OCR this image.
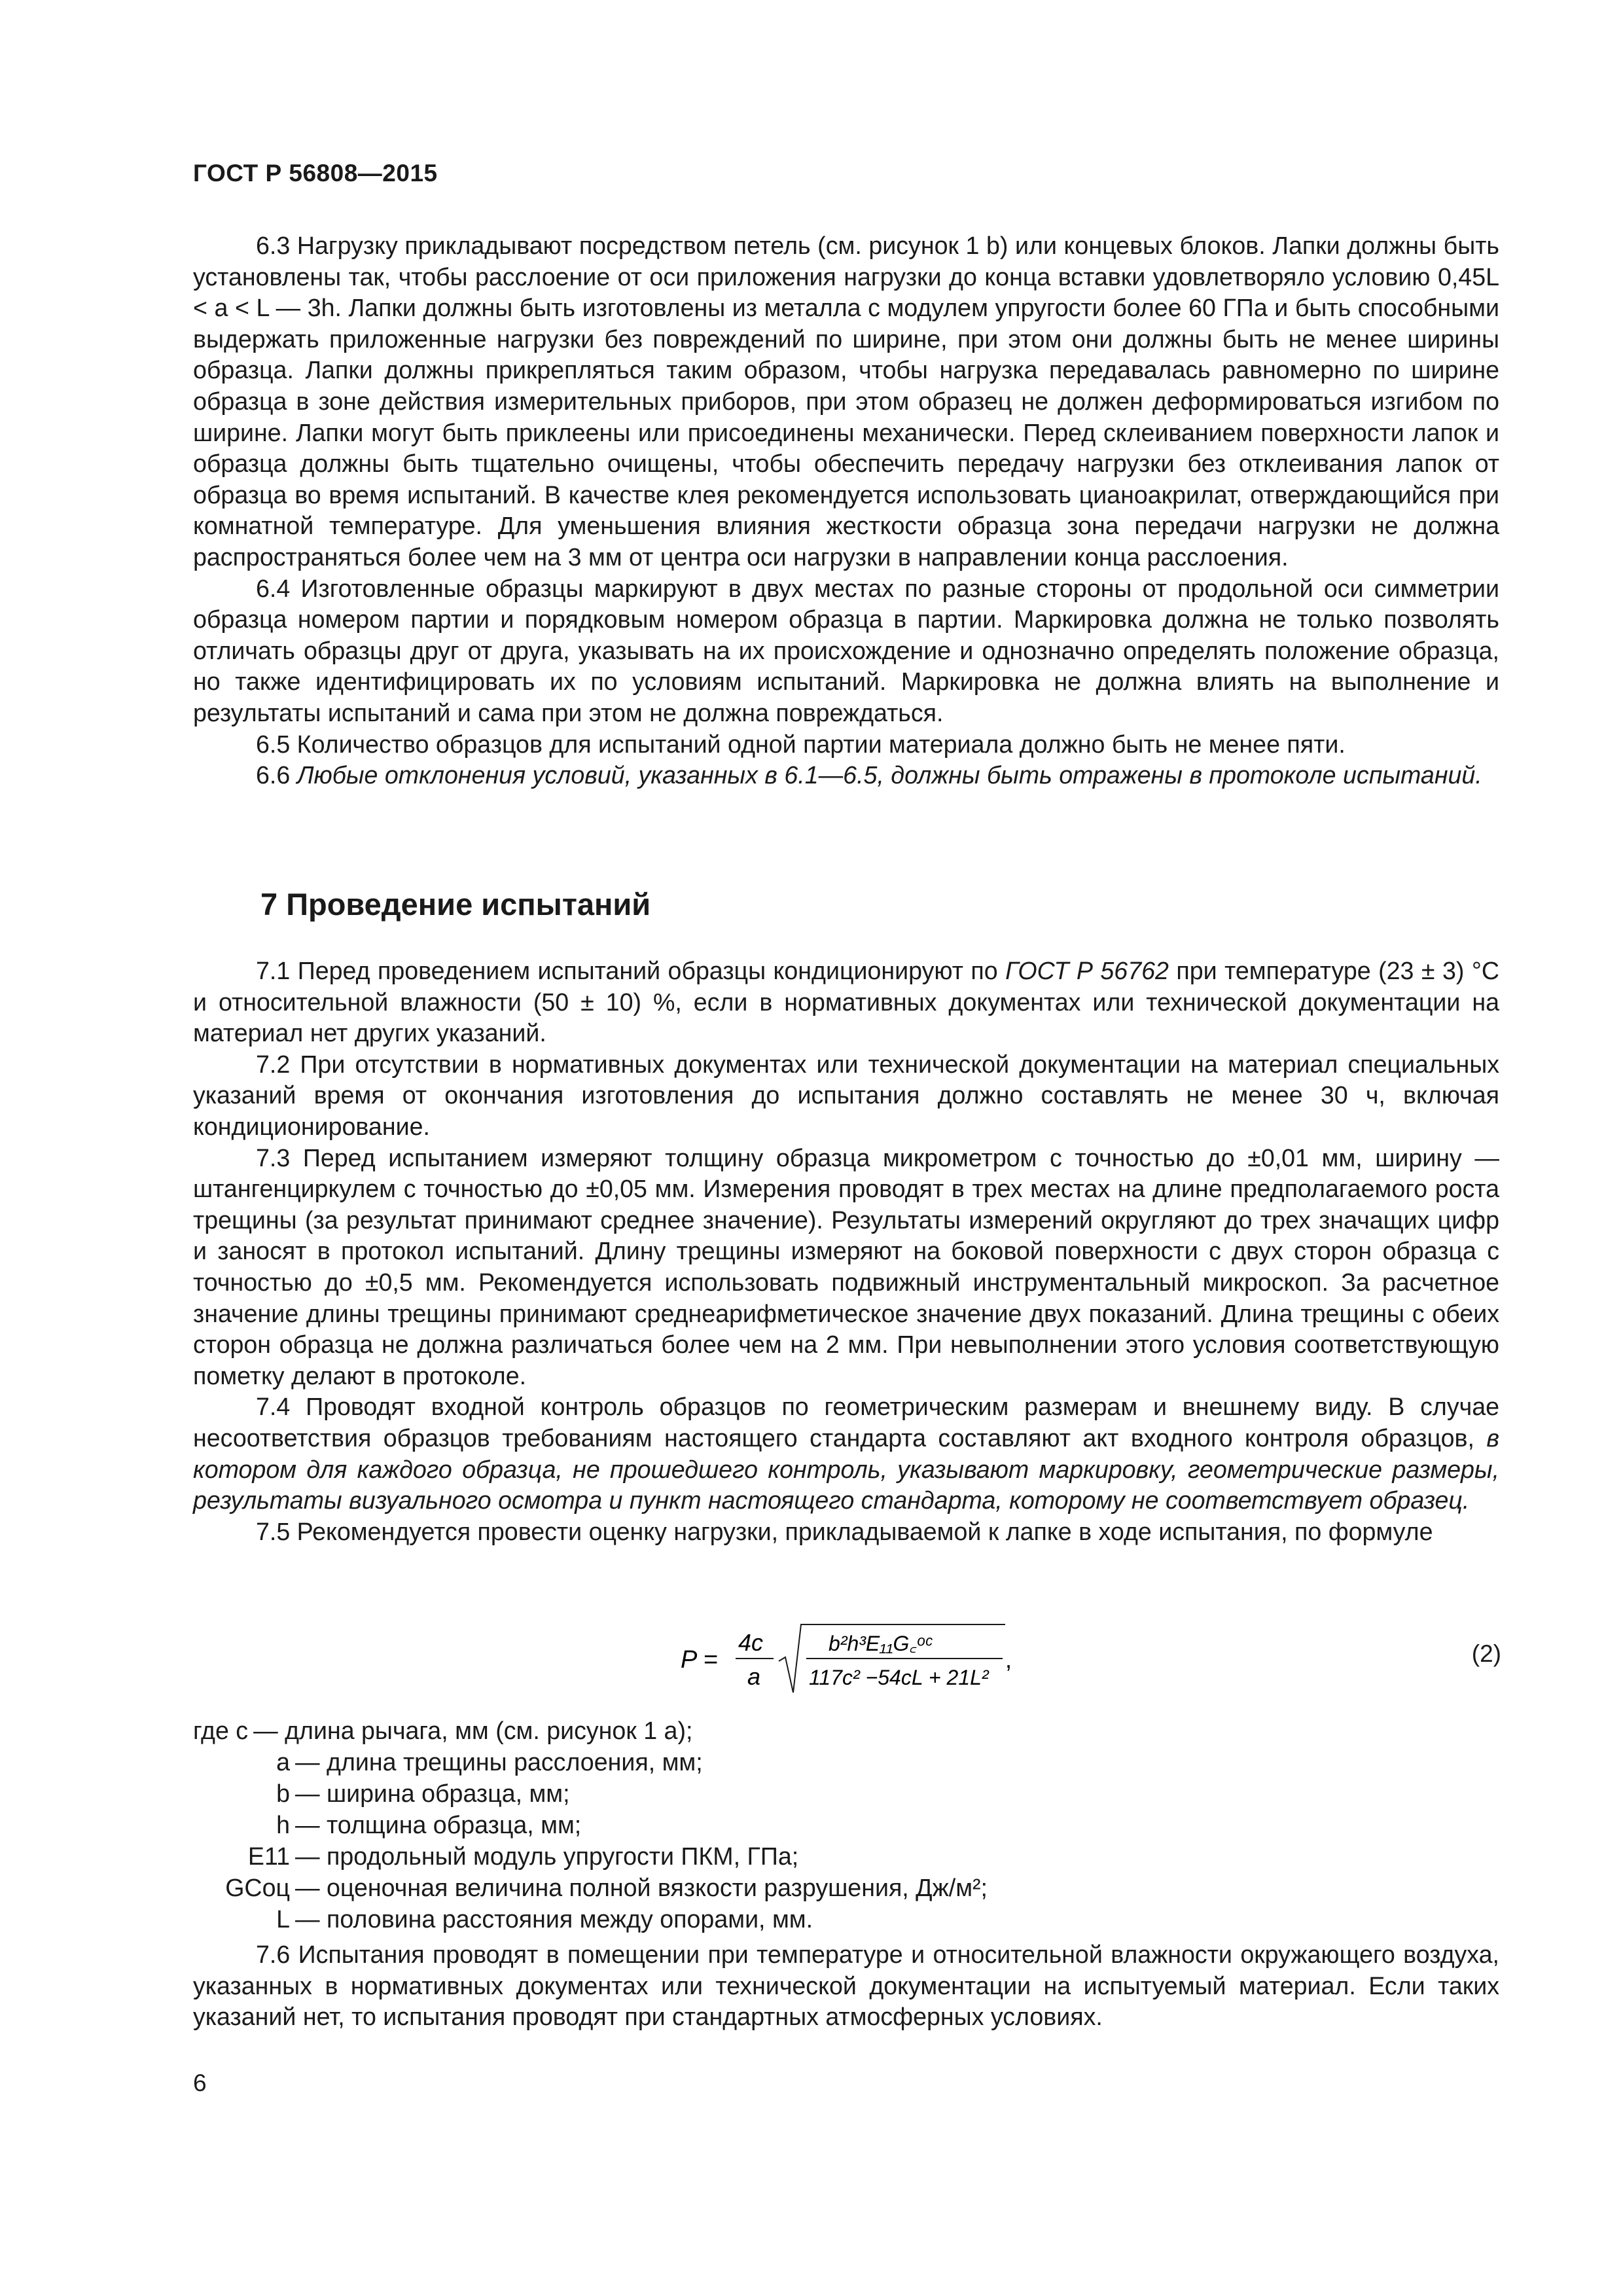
ГОСТ Р 56808—2015

6.3 Нагрузку прикладывают посредством петель (см. рисунок 1 b) или концевых блоков. Лапки должны быть установлены так, чтобы расслоение от оси приложения нагрузки до конца вставки удовлетворяло условию 0,45L < a < L — 3h. Лапки должны быть изготовлены из металла с модулем упругости более 60 ГПа и быть способными выдержать приложенные нагрузки без повреждений по ширине, при этом они должны быть не менее ширины образца. Лапки должны прикрепляться таким образом, чтобы нагрузка передавалась равномерно по ширине образца в зоне действия измерительных приборов, при этом образец не должен деформироваться изгибом по ширине. Лапки могут быть приклеены или присоединены механически. Перед склеиванием поверхности лапок и образца должны быть тщательно очищены, чтобы обеспечить передачу нагрузки без отклеивания лапок от образца во время испытаний. В качестве клея рекомендуется использовать цианоакрилат, отверждающийся при комнатной температуре. Для уменьшения влияния жесткости образца зона передачи нагрузки не должна распространяться более чем на 3 мм от центра оси нагрузки в направлении конца расслоения.

6.4 Изготовленные образцы маркируют в двух местах по разные стороны от продольной оси симметрии образца номером партии и порядковым номером образца в партии. Маркировка должна не только позволять отличать образцы друг от друга, указывать на их происхождение и однозначно определять положение образца, но также идентифицировать их по условиям испытаний. Маркировка не должна влиять на выполнение и результаты испытаний и сама при этом не должна повреждаться.

6.5 Количество образцов для испытаний одной партии материала должно быть не менее пяти.

6.6 Любые отклонения условий, указанных в 6.1—6.5, должны быть отражены в протоколе испытаний.

7 Проведение испытаний

7.1 Перед проведением испытаний образцы кондиционируют по ГОСТ Р 56762 при температуре (23 ± 3) °С и относительной влажности (50 ± 10) %, если в нормативных документах или технической документации на материал нет других указаний.

7.2 При отсутствии в нормативных документах или технической документации на материал специальных указаний время от окончания изготовления до испытания должно составлять не менее 30 ч, включая кондиционирование.

7.3 Перед испытанием измеряют толщину образца микрометром с точностью до ±0,01 мм, ширину — штангенциркулем с точностью до ±0,05 мм. Измерения проводят в трех местах на длине предполагаемого роста трещины (за результат принимают среднее значение). Результаты измерений округляют до трех значащих цифр и заносят в протокол испытаний. Длину трещины измеряют на боковой поверхности с двух сторон образца с точностью до ±0,5 мм. Рекомендуется использовать подвижный инструментальный микроскоп. За расчетное значение длины трещины принимают среднеарифметическое значение двух показаний. Длина трещины с обеих сторон образца не должна различаться более чем на 2 мм. При невыполнении этого условия соответствующую пометку делают в протоколе.

7.4 Проводят входной контроль образцов по геометрическим размерам и внешнему виду. В случае несоответствия образцов требованиям настоящего стандарта составляют акт входного контроля образцов, в котором для каждого образца, не прошедшего контроль, указывают маркировку, геометрические размеры, результаты визуального осмотра и пункт настоящего стандарта, которому не соответствует образец.

7.5 Рекомендуется провести оценку нагрузки, прикладываемой к лапке в ходе испытания, по формуле

P =
4c
a
b²h³E₁₁G꜀ᵒᶜ
117c² −54cL + 21L²
,	(2)
где c — длина рычага, мм (см. рисунок 1 a);
a — длина трещины расслоения, мм;
b — ширина образца, мм;
h — толщина образца, мм;
E11 — продольный модуль упругости ПКМ, ГПа;
GCоц — оценочная величина полной вязкости разрушения, Дж/м²;
L — половина расстояния между опорами, мм.

7.6 Испытания проводят в помещении при температуре и относительной влажности окружающего воздуха, указанных в нормативных документах или технической документации на испытуемый материал. Если таких указаний нет, то испытания проводят при стандартных атмосферных условиях.

6
